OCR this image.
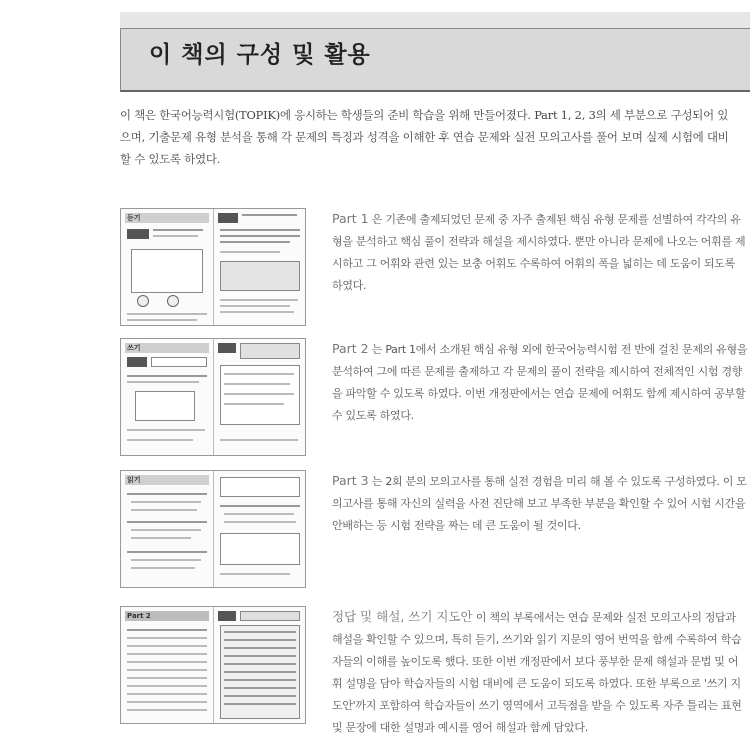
이 책의 구성 및 활용
이 책은 한국어능력시험(TOPIK)에 응시하는 학생들의 준비 학습을 위해 만들어졌다. Part 1, 2, 3의 세 부분으로 구성되어 있으며, 기출문제 유형 분석을 통해 각 문제의 특징과 성격을 이해한 후 연습 문제와 실전 모의고사를 풀어 보며 실제 시험에 대비할 수 있도록 하였다.
듣기	Part 1 은 기존에 출제되었던 문제 중 자주 출제된 핵심 유형 문제를 선별하여 각각의 유형을 분석하고 핵심 풀이 전략과 해설을 제시하였다. 뿐만 아니라 문제에 나오는 어휘를 제시하고 그 어휘와 관련 있는 보충 어휘도 수록하여 어휘의 폭을 넓히는 데 도움이 되도록 하였다.
쓰기	Part 2 는 Part 1에서 소개된 핵심 유형 외에 한국어능력시험 전 반에 걸친 문제의 유형을 분석하여 그에 따른 문제를 출제하고 각 문제의 풀이 전략을 제시하여 전체적인 시험 경향을 파악할 수 있도록 하였다. 이번 개정판에서는 연습 문제에 어휘도 함께 제시하여 공부할 수 있도록 하였다.
읽기	Part 3 는 2회 분의 모의고사를 통해 실전 경험을 미리 해 볼 수 있도록 구성하였다. 이 모의고사를 통해 자신의 실력을 사전 진단해 보고 부족한 부분을 확인할 수 있어 시험 시간을 안배하는 등 시험 전략을 짜는 데 큰 도움이 될 것이다.
Part 2	정답 및 해설, 쓰기 지도안 이 책의 부록에서는 연습 문제와 실전 모의고사의 정답과 해설을 확인할 수 있으며, 특히 듣기, 쓰기와 읽기 지문의 영어 번역을 함께 수록하여 학습자들의 이해를 높이도록 했다. 또한 이번 개정판에서 보다 풍부한 문제 해설과 문법 및 어휘 설명을 담아 학습자들의 시험 대비에 큰 도움이 되도록 하였다. 또한 부록으로 '쓰기 지도안'까지 포함하여 학습자들이 쓰기 영역에서 고득점을 받을 수 있도록 자주 틀리는 표현 및 문장에 대한 설명과 예시를 영어 해설과 함께 담았다.
